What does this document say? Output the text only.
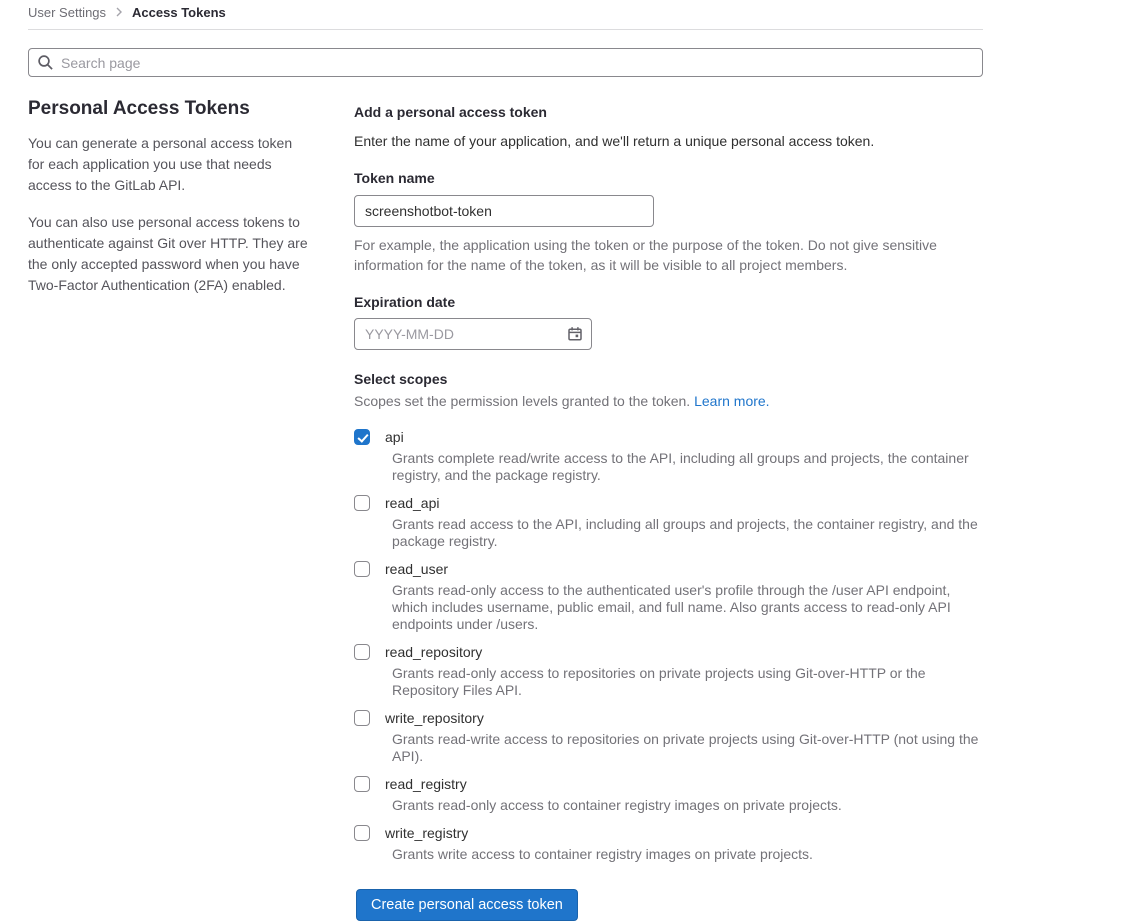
User Settings Access Tokens
Search page
Personal Access Tokens

You can generate a personal access token for each application you use that needs access to the GitLab API.

You can also use personal access tokens to authenticate against Git over HTTP. They are the only accepted password when you have Two-Factor Authentication (2FA) enabled.

Add a personal access token

Enter the name of your application, and we'll return a unique personal access token.

Token name
screenshotbot-token

For example, the application using the token or the purpose of the token. Do not give sensitive information for the name of the token, as it will be visible to all project members.

Expiration date
YYYY-MM-DD
Select scopes

Scopes set the permission levels granted to the token. Learn more.

api
Grants complete read/write access to the API, including all groups and projects, the container registry, and the package registry.
read_api
Grants read access to the API, including all groups and projects, the container registry, and the package registry.
read_user
Grants read-only access to the authenticated user's profile through the /user API endpoint, which includes username, public email, and full name. Also grants access to read-only API endpoints under /users.
read_repository
Grants read-only access to repositories on private projects using Git-over-HTTP or the Repository Files API.
write_repository
Grants read-write access to repositories on private projects using Git-over-HTTP (not using the API).
read_registry
Grants read-only access to container registry images on private projects.
write_registry
Grants write access to container registry images on private projects.
Create personal access token
